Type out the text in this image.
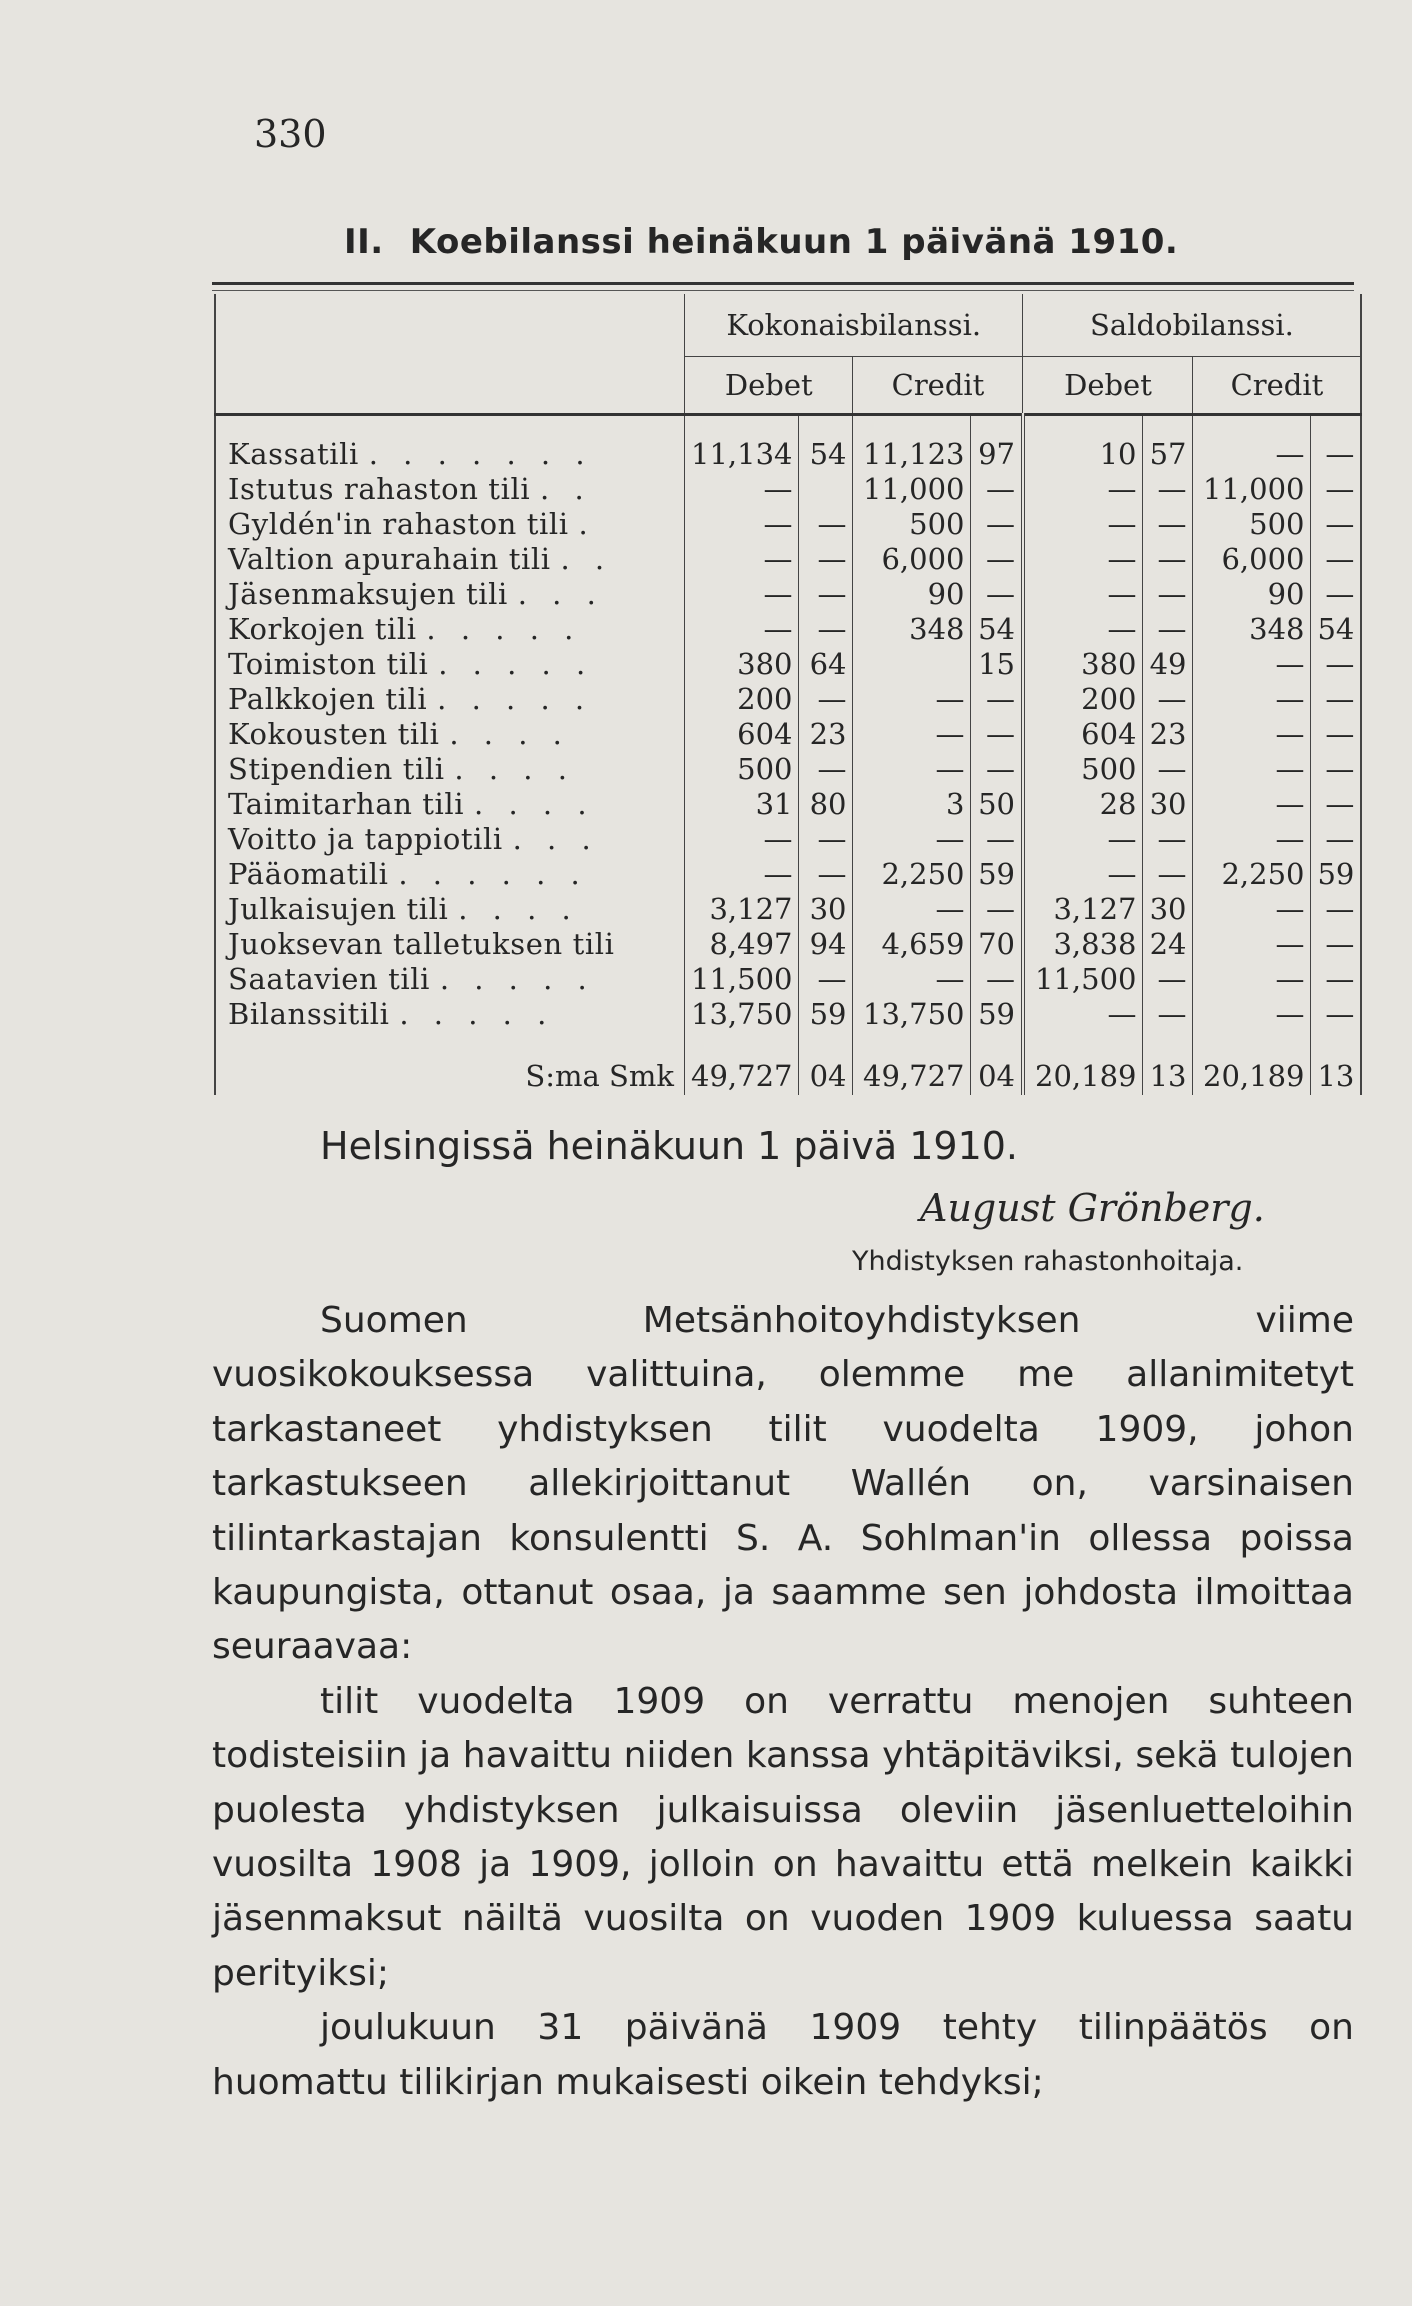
330
II. Koebilanssi heinäkuun 1 päivänä 1910.
	Kokonaisbilanssi.				Saldobilanssi.			
	Debet		Credit		Debet		Credit	

Kassatili . . . . . . .	11,134	54	11,123	97	10	57	—	—
Istutus rahaston tili . .	—		11,000	—	—	—	11,000	—
Gyldén'in rahaston tili .	—	—	500	—	—	—	500	—
Valtion apurahain tili . .	—	—	6,000	—	—	—	6,000	—
Jäsenmaksujen tili . . .	—	—	90	—	—	—	90	—
Korkojen tili . . . . .	—	—	348	54	—	—	348	54
Toimiston tili . . . . .	380	64		15	380	49	—	—
Palkkojen tili . . . . .	200	—	—	—	200	—	—	—
Kokousten tili . . . .	604	23	—	—	604	23	—	—
Stipendien tili . . . .	500	—	—	—	500	—	—	—
Taimitarhan tili . . . .	31	80	3	50	28	30	—	—
Voitto ja tappiotili . . .	—	—	—	—	—	—	—	—
Pääomatili . . . . . .	—	—	2,250	59	—	—	2,250	59
Julkaisujen tili . . . .	3,127	30	—	—	3,127	30	—	—
Juoksevan talletuksen tili	8,497	94	4,659	70	3,838	24	—	—
Saatavien tili . . . . .	11,500	—	—	—	11,500	—	—	—
Bilanssitili . . . . .	13,750	59	13,750	59	—	—	—	—

S:ma Smk	49,727	04	49,727	04	20,189	13	20,189	13
Helsingissä heinäkuun 1 päivä 1910.
August Grönberg.
Yhdistyksen rahastonhoitaja.

Suomen Metsänhoitoyhdistyksen viime vuosikokouksessa valittuina, olemme me allanimitetyt tarkastaneet yhdistyksen tilit vuodelta 1909, johon tarkastukseen allekirjoittanut Wallén on, varsinaisen tilintarkastajan konsulentti S. A. Sohlman'in ollessa poissa kaupungista, ottanut osaa, ja saamme sen johdosta ilmoittaa seuraavaa:

tilit vuodelta 1909 on verrattu menojen suhteen todisteisiin ja havaittu niiden kanssa yhtäpitäviksi, sekä tulojen puolesta yhdistyksen julkaisuissa oleviin jäsenluetteloihin vuosilta 1908 ja 1909, jolloin on havaittu että melkein kaikki jäsenmaksut näiltä vuosilta on vuoden 1909 kuluessa saatu perityiksi;

joulukuun 31 päivänä 1909 tehty tilinpäätös on huomattu tilikirjan mukaisesti oikein tehdyksi;
